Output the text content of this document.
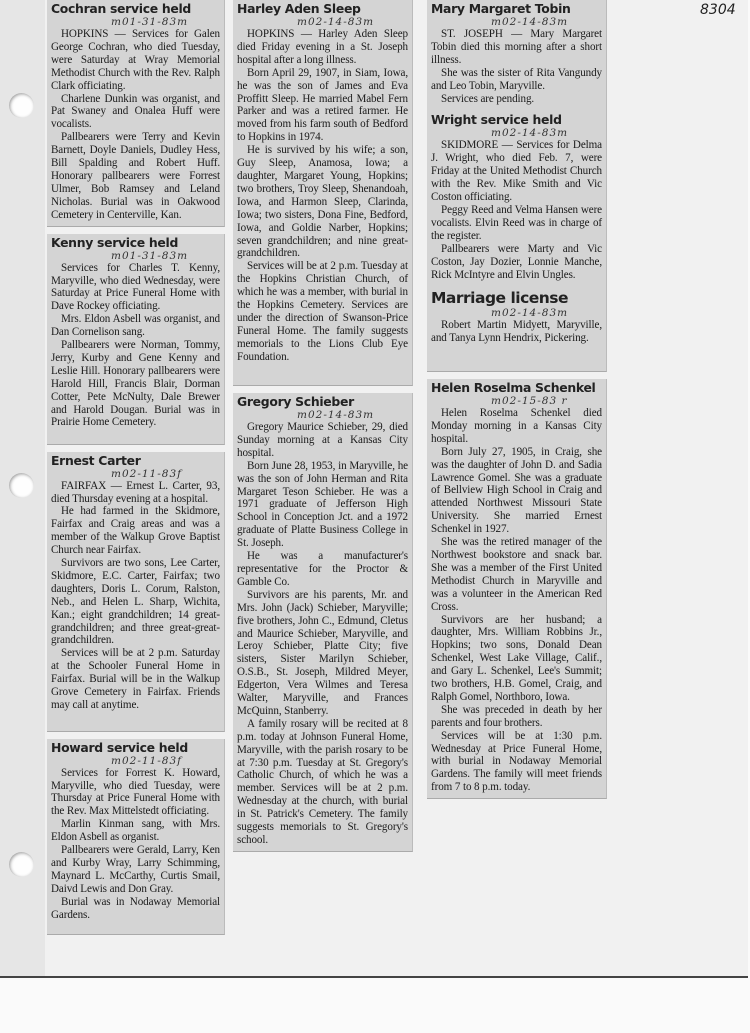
8304
Cochran service held
m01-31-83m

HOPKINS — Services for Galen George Cochran, who died Tuesday, were Saturday at Wray Memorial Methodist Church with the Rev. Ralph Clark officiating.

Charlene Dunkin was organist, and Pat Swaney and Onalea Huff were vocalists.

Pallbearers were Terry and Kevin Barnett, Doyle Daniels, Dudley Hess, Bill Spalding and Robert Huff. Honorary pallbearers were Forrest Ulmer, Bob Ramsey and Leland Nicholas. Burial was in Oakwood Cemetery in Centerville, Kan.

Kenny service held
m01-31-83m

Services for Charles T. Kenny, Maryville, who died Wednesday, were Saturday at Price Funeral Home with Dave Rockey officiating.

Mrs. Eldon Asbell was organist, and Dan Cornelison sang.

Pallbearers were Norman, Tommy, Jerry, Kurby and Gene Kenny and Leslie Hill. Honorary pallbearers were Harold Hill, Francis Blair, Dorman Cotter, Pete McNulty, Dale Brewer and Harold Dougan. Burial was in Prairie Home Cemetery.

Ernest Carter
m02-11-83f

FAIRFAX — Ernest L. Carter, 93, died Thursday evening at a hospital.

He had farmed in the Skidmore, Fairfax and Craig areas and was a member of the Walkup Grove Baptist Church near Fairfax.

Survivors are two sons, Lee Carter, Skidmore, E.C. Carter, Fairfax; two daughters, Doris L. Corum, Ralston, Neb., and Helen L. Sharp, Wichita, Kan.; eight grandchildren; 14 great-grandchildren; and three great-great-grandchildren.

Services will be at 2 p.m. Saturday at the Schooler Funeral Home in Fairfax. Burial will be in the Walkup Grove Cemetery in Fairfax. Friends may call at anytime.

Howard service held
m02-11-83f

Services for Forrest K. Howard, Maryville, who died Tuesday, were Thursday at Price Funeral Home with the Rev. Max Mittelstedt officiating.

Marlin Kinman sang, with Mrs. Eldon Asbell as organist.

Pallbearers were Gerald, Larry, Ken and Kurby Wray, Larry Schimming, Maynard L. McCarthy, Curtis Smail, Daivd Lewis and Don Gray.

Burial was in Nodaway Memorial Gardens.

Harley Aden Sleep
m02-14-83m

HOPKINS — Harley Aden Sleep died Friday evening in a St. Joseph hospital after a long illness.

Born April 29, 1907, in Siam, Iowa, he was the son of James and Eva Proffitt Sleep. He married Mabel Fern Parker and was a retired farmer. He moved from his farm south of Bedford to Hopkins in 1974.

He is survived by his wife; a son, Guy Sleep, Anamosa, Iowa; a daughter, Margaret Young, Hopkins; two brothers, Troy Sleep, Shenandoah, Iowa, and Harmon Sleep, Clarinda, Iowa; two sisters, Dona Fine, Bedford, Iowa, and Goldie Narber, Hopkins; seven grandchildren; and nine great-grandchildren.

Services will be at 2 p.m. Tuesday at the Hopkins Christian Church, of which he was a member, with burial in the Hopkins Cemetery. Services are under the direction of Swanson-Price Funeral Home. The family suggests memorials to the Lions Club Eye Foundation.

Gregory Schieber
m02-14-83m

Gregory Maurice Schieber, 29, died Sunday morning at a Kansas City hospital.

Born June 28, 1953, in Maryville, he was the son of John Herman and Rita Margaret Teson Schieber. He was a 1971 graduate of Jefferson High School in Conception Jct. and a 1972 graduate of Platte Business College in St. Joseph.

He was a manufacturer's representative for the Proctor & Gamble Co.

Survivors are his parents, Mr. and Mrs. John (Jack) Schieber, Maryville; five brothers, John C., Edmund, Cletus and Maurice Schieber, Maryville, and Leroy Schieber, Platte City; five sisters, Sister Marilyn Schieber, O.S.B., St. Joseph, Mildred Meyer, Edgerton, Vera Wilmes and Teresa Walter, Maryville, and Frances McQuinn, Stanberry.

A family rosary will be recited at 8 p.m. today at Johnson Funeral Home, Maryville, with the parish rosary to be at 7:30 p.m. Tuesday at St. Gregory's Catholic Church, of which he was a member. Services will be at 2 p.m. Wednesday at the church, with burial in St. Patrick's Cemetery. The family suggests memorials to St. Gregory's school.

Mary Margaret Tobin
m02-14-83m

ST. JOSEPH — Mary Margaret Tobin died this morning after a short illness.

She was the sister of Rita Vangundy and Leo Tobin, Maryville.

Services are pending.

Wright service held
m02-14-83m

SKIDMORE — Services for Delma J. Wright, who died Feb. 7, were Friday at the United Methodist Church with the Rev. Mike Smith and Vic Coston officiating.

Peggy Reed and Velma Hansen were vocalists. Elvin Reed was in charge of the register.

Pallbearers were Marty and Vic Coston, Jay Dozier, Lonnie Manche, Rick McIntyre and Elvin Ungles.

Marriage license
m02-14-83m

Robert Martin Midyett, Maryville, and Tanya Lynn Hendrix, Pickering.

Helen Roselma Schenkel
m02-15-83 r

Helen Roselma Schenkel died Monday morning in a Kansas City hospital.

Born July 27, 1905, in Craig, she was the daughter of John D. and Sadia Lawrence Gomel. She was a graduate of Bellview High School in Craig and attended Northwest Missouri State University. She married Ernest Schenkel in 1927.

She was the retired manager of the Northwest bookstore and snack bar. She was a member of the First United Methodist Church in Maryville and was a volunteer in the American Red Cross.

Survivors are her husband; a daughter, Mrs. William Robbins Jr., Hopkins; two sons, Donald Dean Schenkel, West Lake Village, Calif., and Gary L. Schenkel, Lee's Summit; two brothers, H.B. Gomel, Craig, and Ralph Gomel, Northboro, Iowa.

She was preceded in death by her parents and four brothers.

Services will be at 1:30 p.m. Wednesday at Price Funeral Home, with burial in Nodaway Memorial Gardens. The family will meet friends from 7 to 8 p.m. today.
